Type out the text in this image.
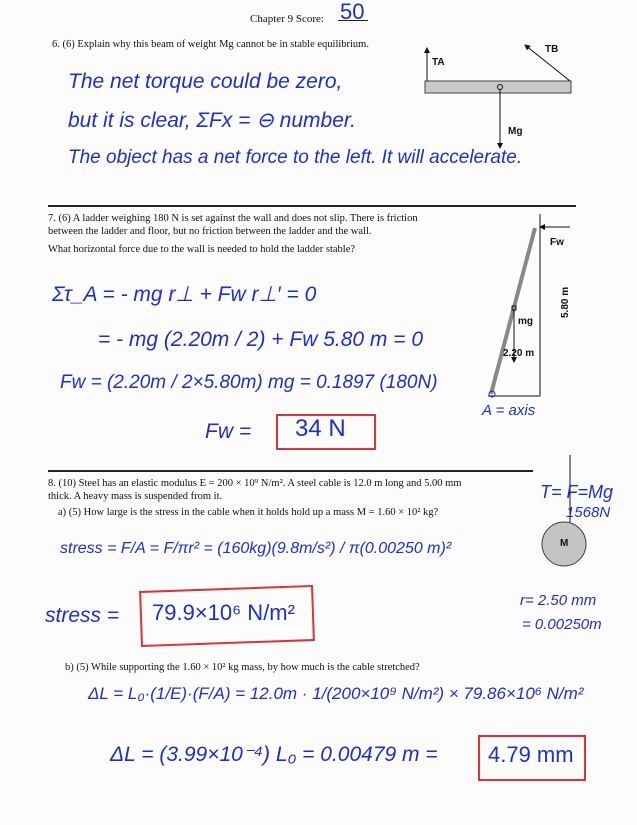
Chapter 9 Score: 50
6. (6) Explain why this beam of weight Mg cannot be in stable equilibrium.
The net torque could be zero,
but it is clear, ΣFx = ⊖ number.
The object has a net force to the left. It will accelerate.
TA
TB
Mg
7. (6) A ladder weighing 180 N is set against the wall and does not slip. There is friction
between the ladder and floor, but no friction between the ladder and the wall.
What horizontal force due to the wall is needed to hold the ladder stable?
Fw
5.80 m
mg
2.20 m
A = axis
Στ_A = - mg r⊥ + Fw r⊥′ = 0
= - mg (2.20m / 2) + Fw 5.80 m = 0
Fw = (2.20m / 2×5.80m) mg = 0.1897 (180N)
Fw = 34 N
8. (10) Steel has an elastic modulus E = 200 × 10⁹ N/m². A steel cable is 12.0 m long and 5.00 mm
thick. A heavy mass is suspended from it.
a) (5) How large is the stress in the cable when it holds hold up a mass M = 1.60 × 10² kg?
T= F=Mg
1568N
M
r= 2.50 mm
= 0.00250m
stress = F/A = F/πr² = (160kg)(9.8m/s²) / π(0.00250 m)²
stress = 79.9×10⁶ N/m²
b) (5) While supporting the 1.60 × 10² kg mass, by how much is the cable stretched?
ΔL = L₀·(1/E)·(F/A) = 12.0m · 1/(200×10⁹ N/m²) × 79.86×10⁶ N/m²
ΔL = (3.99×10⁻⁴) L₀ = 0.00479 m = 4.79 mm
